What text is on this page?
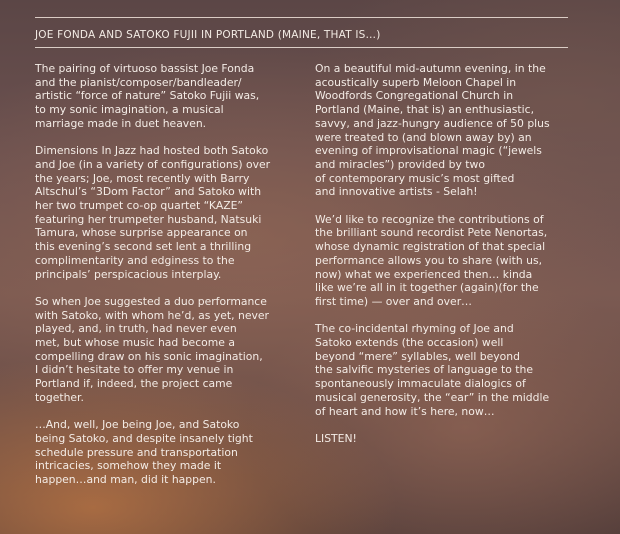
JOE FONDA AND SATOKO FUJII IN PORTLAND (MAINE, THAT IS…)

The pairing of virtuoso bassist Joe Fonda
and the pianist/composer/bandleader/
artistic “force of nature” Satoko Fujii was,
to my sonic imagination, a musical
marriage made in duet heaven.

Dimensions In Jazz had hosted both Satoko
and Joe (in a variety of configurations) over
the years; Joe, most recently with Barry
Altschul’s “3Dom Factor” and Satoko with
her two trumpet co-op quartet “KAZE”
featuring her trumpeter husband, Natsuki
Tamura, whose surprise appearance on
this evening’s second set lent a thrilling
complimentarity and edginess to the
principals’ perspicacious interplay.

So when Joe suggested a duo performance
with Satoko, with whom he’d, as yet, never
played, and, in truth, had never even
met, but whose music had become a
compelling draw on his sonic imagination,
I didn’t hesitate to offer my venue in
Portland if, indeed, the project came
together.

…And, well, Joe being Joe, and Satoko
being Satoko, and despite insanely tight
schedule pressure and transportation
intricacies, somehow they made it
happen…and man, did it happen.

On a beautiful mid-autumn evening, in the
acoustically superb Meloon Chapel in
Woodfords Congregational Church in
Portland (Maine, that is) an enthusiastic,
savvy, and jazz-hungry audience of 50 plus
were treated to (and blown away by) an
evening of improvisational magic (“jewels
and miracles”) provided by two
of contemporary music’s most gifted
and innovative artists - Selah!

We’d like to recognize the contributions of
the brilliant sound recordist Pete Nenortas,
whose dynamic registration of that special
performance allows you to share (with us,
now) what we experienced then… kinda
like we’re all in it together (again)(for the
first time) — over and over…

The co-incidental rhyming of Joe and
Satoko extends (the occasion) well
beyond “mere” syllables, well beyond
the salvific mysteries of language to the
spontaneously immaculate dialogics of
musical generosity, the “ear” in the middle
of heart and how it’s here, now…

LISTEN!
